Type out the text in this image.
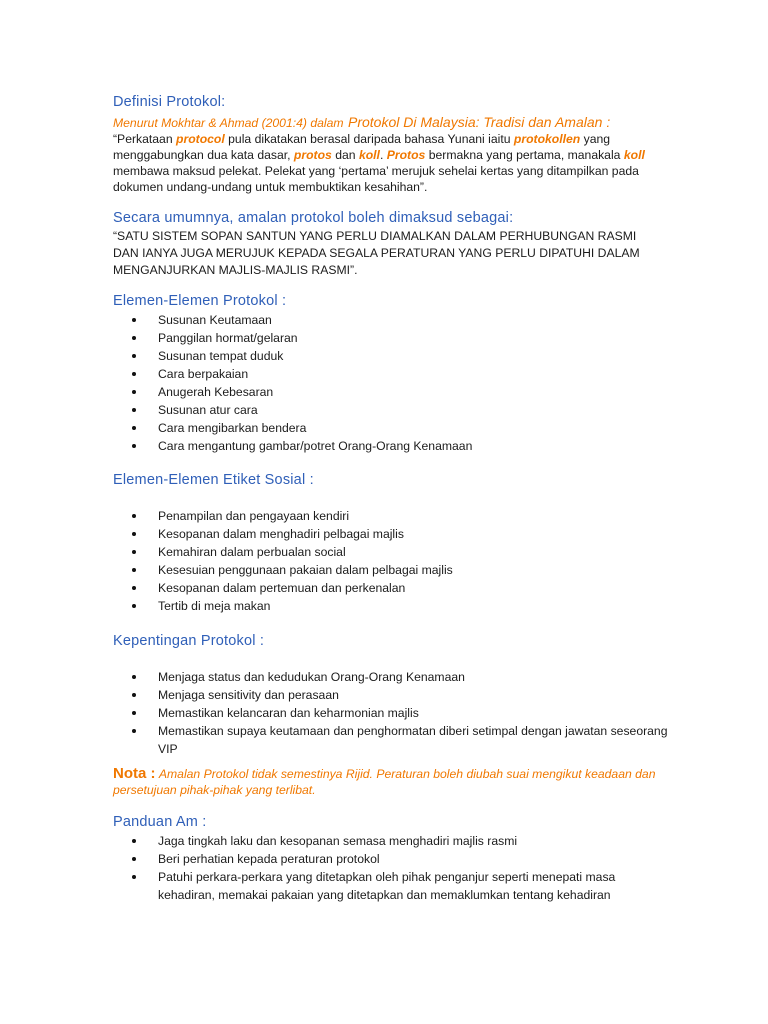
Definisi Protokol:
Menurut Mokhtar & Ahmad (2001:4) dalam Protokol Di Malaysia: Tradisi dan Amalan :

“Perkataan protocol pula dikatakan berasal daripada bahasa Yunani iaitu protokollen yang menggabungkan dua kata dasar, protos dan koll. Protos bermakna yang pertama, manakala koll membawa maksud pelekat. Pelekat yang ‘pertama’ merujuk sehelai kertas yang ditampilkan pada dokumen undang-undang untuk membuktikan kesahihan”.

Secara umumnya, amalan protokol boleh dimaksud sebagai:

“SATU SISTEM SOPAN SANTUN YANG PERLU DIAMALKAN DALAM PERHUBUNGAN RASMI DAN IANYA JUGA MERUJUK KEPADA SEGALA PERATURAN YANG PERLU DIPATUHI DALAM MENGANJURKAN MAJLIS-MAJLIS RASMI”.

Elemen-Elemen Protokol :
Susunan Keutamaan
Panggilan hormat/gelaran
Susunan tempat duduk
Cara berpakaian
Anugerah Kebesaran
Susunan atur cara
Cara mengibarkan bendera
Cara mengantung gambar/potret Orang-Orang Kenamaan
Elemen-Elemen Etiket Sosial :
Penampilan dan pengayaan kendiri
Kesopanan dalam menghadiri pelbagai majlis
Kemahiran dalam perbualan social
Kesesuian penggunaan pakaian dalam pelbagai majlis
Kesopanan dalam pertemuan dan perkenalan
Tertib di meja makan
Kepentingan Protokol :
Menjaga status dan kedudukan Orang-Orang Kenamaan
Menjaga sensitivity dan perasaan
Memastikan kelancaran dan keharmonian majlis
Memastikan supaya keutamaan dan penghormatan diberi setimpal dengan jawatan seseorang VIP

Nota : Amalan Protokol tidak semestinya Rijid. Peraturan boleh diubah suai mengikut keadaan dan persetujuan pihak-pihak yang terlibat.

Panduan Am :
Jaga tingkah laku dan kesopanan semasa menghadiri majlis rasmi
Beri perhatian kepada peraturan protokol
Patuhi perkara-perkara yang ditetapkan oleh pihak penganjur seperti menepati masa kehadiran, memakai pakaian yang ditetapkan dan memaklumkan tentang kehadiran
